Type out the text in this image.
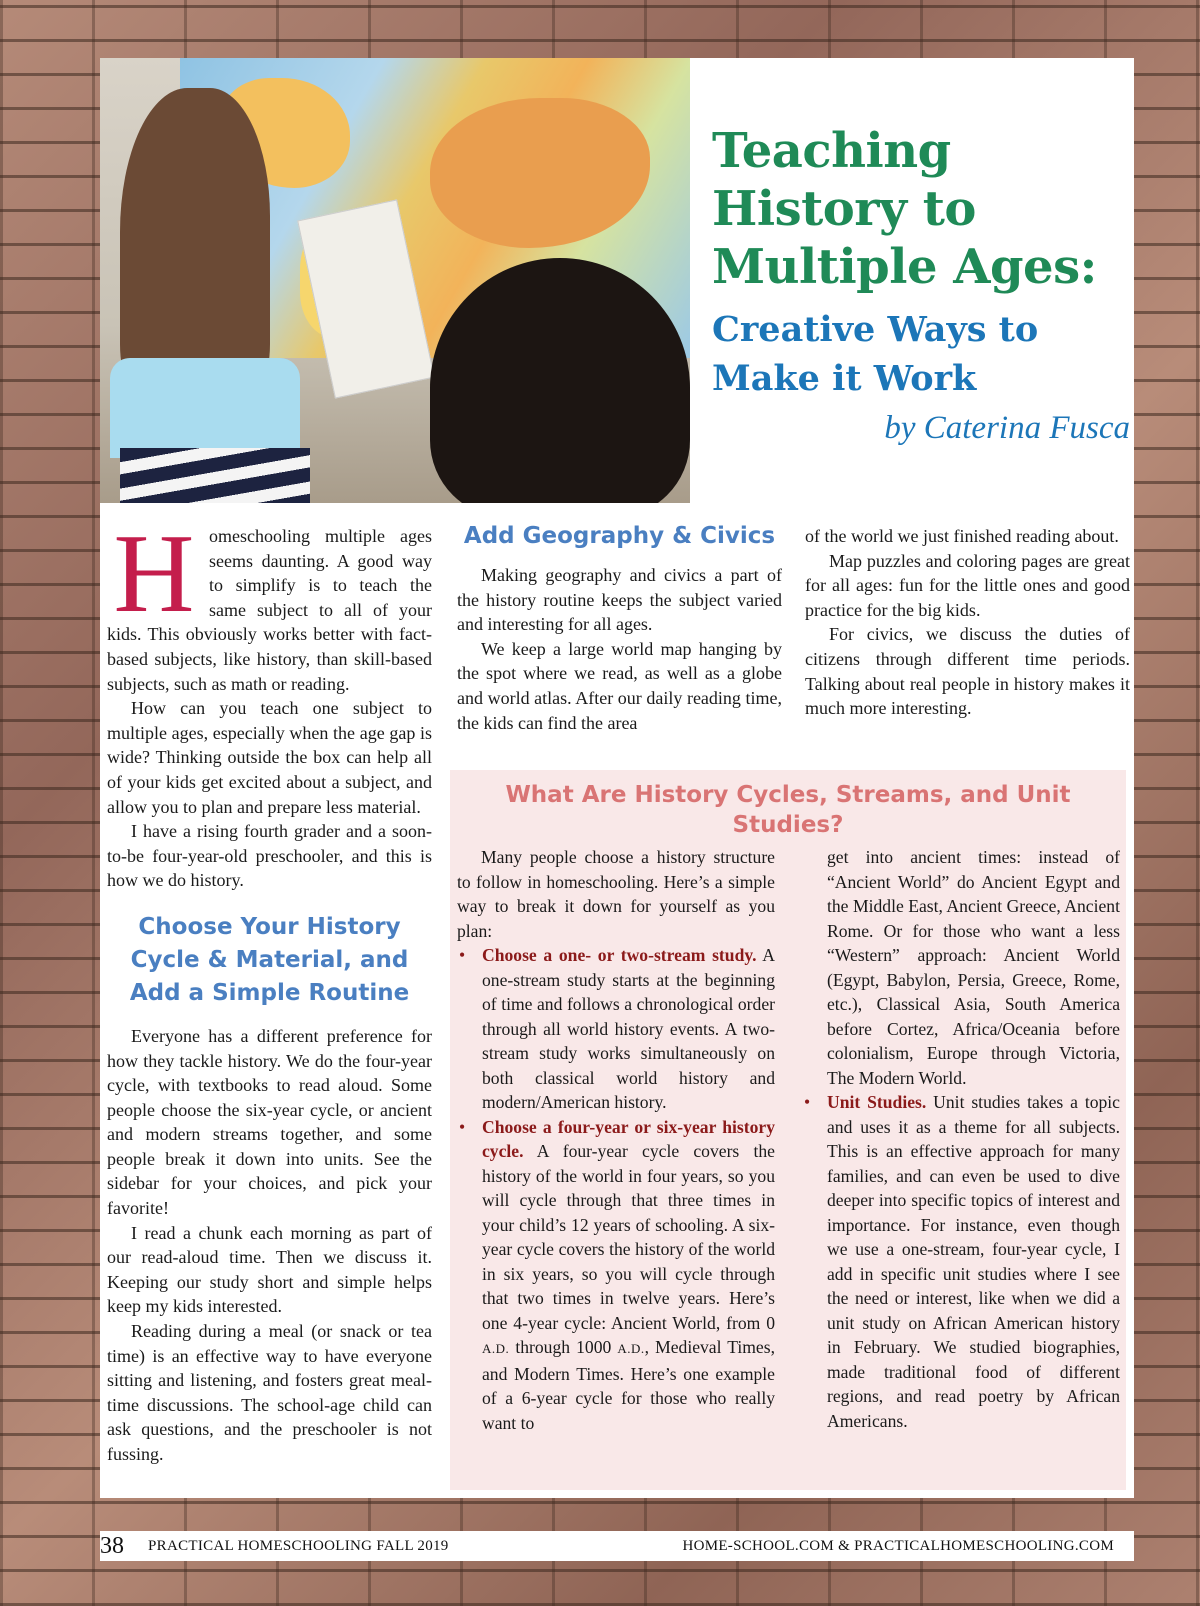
Teaching History to Multiple Ages:
Creative Ways to Make it Work
by Caterina Fusca
H omeschooling multiple ages seems daunting. A good way to simplify is to teach the same subject to all of your kids. This obviously works better with fact-based subjects, like history, than skill-based subjects, such as math or reading.

How can you teach one subject to multiple ages, especially when the age gap is wide? Thinking outside the box can help all of your kids get excited about a subject, and allow you to plan and prepare less material.

I have a rising fourth grader and a soon-to-be four-year-old preschooler, and this is how we do history.

Choose Your History Cycle & Material, and Add a Simple Routine

Everyone has a different preference for how they tackle history. We do the four-year cycle, with textbooks to read aloud. Some people choose the six-year cycle, or ancient and modern streams together, and some people break it down into units. See the sidebar for your choices, and pick your favorite!

I read a chunk each morning as part of our read-aloud time. Then we discuss it. Keeping our study short and simple helps keep my kids interested.

Reading during a meal (or snack or tea time) is an effective way to have everyone sitting and listening, and fosters great meal-time discussions. The school-age child can ask questions, and the preschooler is not fussing.

Add Geography & Civics

Making geography and civics a part of the history routine keeps the subject varied and interesting for all ages.

We keep a large world map hanging by the spot where we read, as well as a globe and world atlas. After our daily reading time, the kids can find the area

of the world we just finished reading about.

Map puzzles and coloring pages are great for all ages: fun for the little ones and good practice for the big kids.

For civics, we discuss the duties of citizens through different time periods. Talking about real people in history makes it much more interesting.

What Are History Cycles, Streams, and Unit Studies?

Many people choose a history structure to follow in homeschooling. Here’s a simple way to break it down for yourself as you plan:

• Choose a one- or two-stream study. A one-stream study starts at the beginning of time and follows a chronological order through all world history events. A two-stream study works simultaneously on both classical world history and modern/American history.
• Choose a four-year or six-year history cycle. A four-year cycle covers the history of the world in four years, so you will cycle through that three times in your child’s 12 years of schooling. A six-year cycle covers the history of the world in six years, so you will cycle through that two times in twelve years. Here’s one 4-year cycle: Ancient World, from 0 A.D. through 1000 A.D., Medieval Times, and Modern Times. Here’s one example of a 6-year cycle for those who really want to
get into ancient times: instead of “Ancient World” do Ancient Egypt and the Middle East, Ancient Greece, Ancient Rome. Or for those who want a less “Western” approach: Ancient World (Egypt, Babylon, Persia, Greece, Rome, etc.), Classical Asia, South America before Cortez, Africa/Oceania before colonialism, Europe through Victoria, The Modern World.
• Unit Studies. Unit studies takes a topic and uses it as a theme for all subjects. This is an effective approach for many families, and can even be used to dive deeper into specific topics of interest and importance. For instance, even though we use a one-stream, four-year cycle, I add in specific unit studies where I see the need or interest, like when we did a unit study on African American history in February. We studied biographies, made traditional food of different regions, and read poetry by African Americans.
38 PRACTICAL HOMESCHOOLING FALL 2019	HOME-SCHOOL.COM & PRACTICALHOMESCHOOLING.COM
